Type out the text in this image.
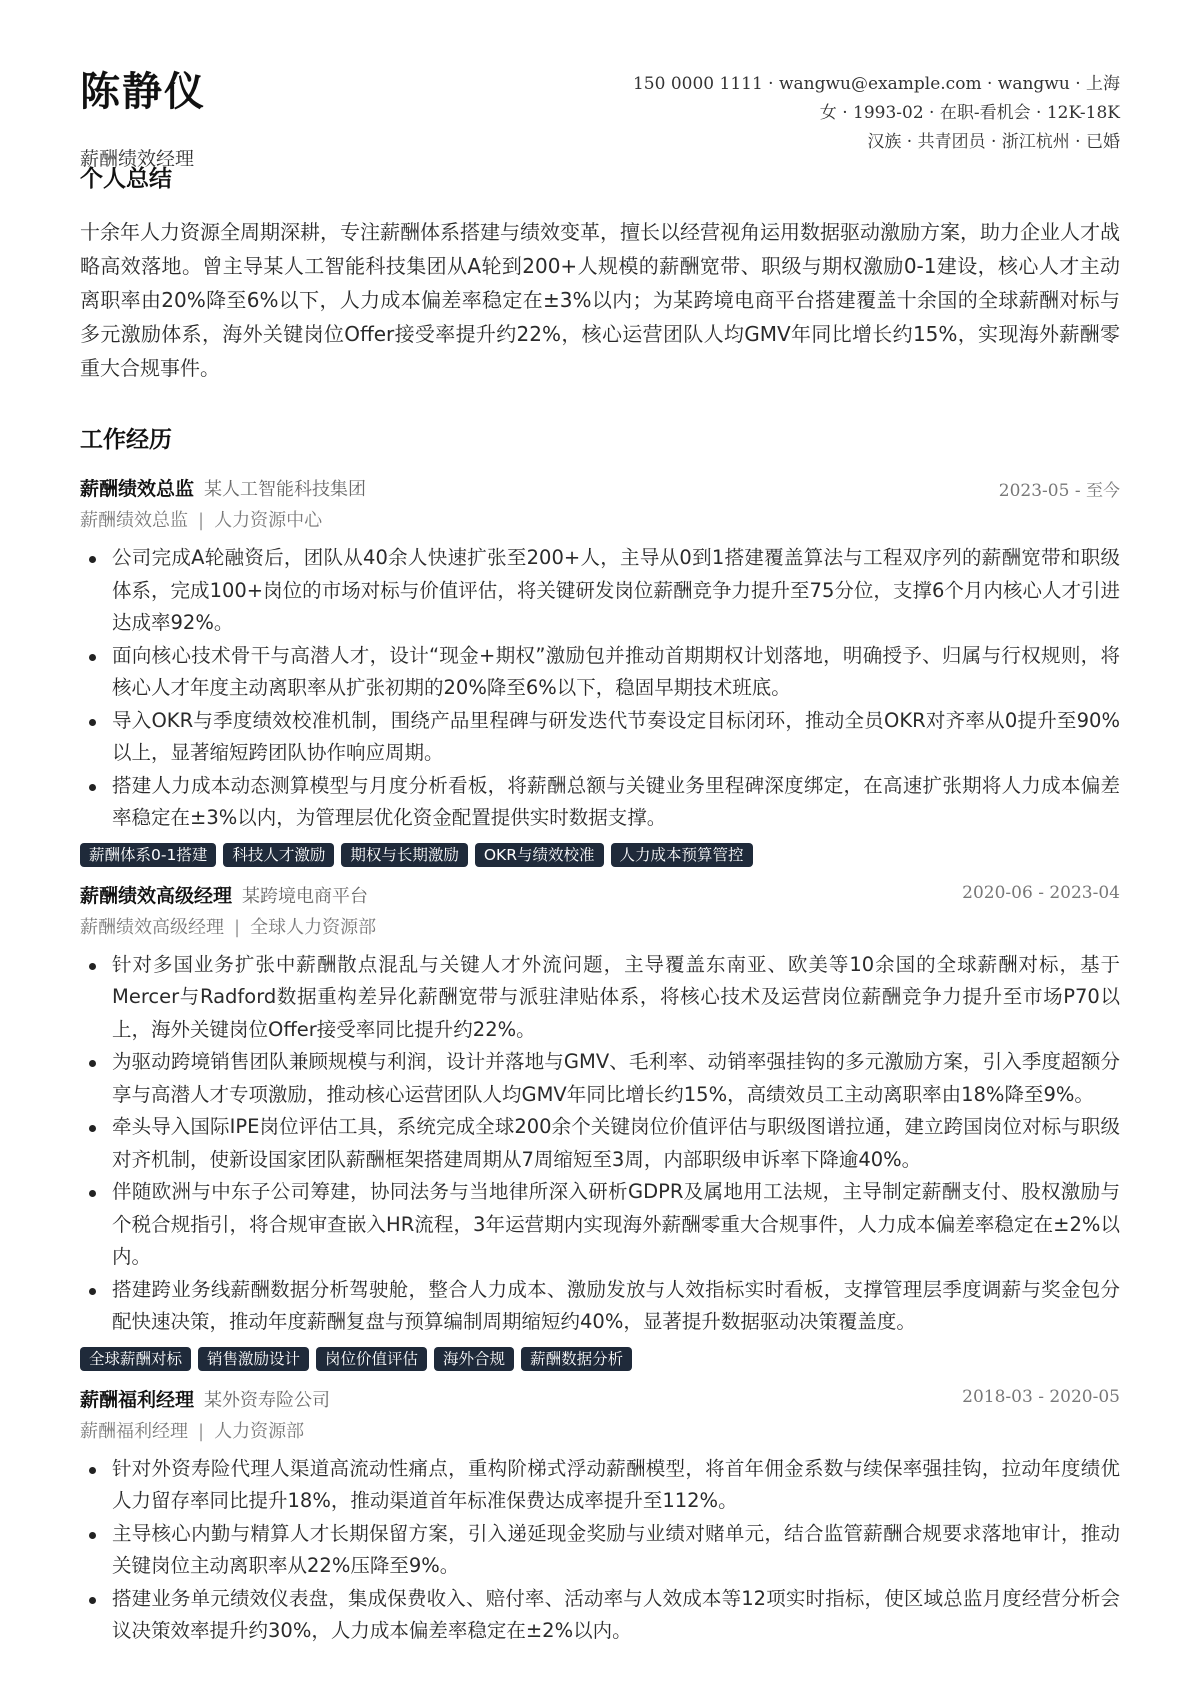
陈静仪
薪酬绩效经理
150 0000 1111 · wangwu@example.com · wangwu · 上海
女 · 1993-02 · 在职-看机会 · 12K-18K
汉族 · 共青团员 · 浙江杭州 · 已婚
个人总结
十余年人力资源全周期深耕，专注薪酬体系搭建与绩效变革，擅长以经营视角运用数据驱动激励方案，助力企业人才战略高效落地。曾主导某人工智能科技集团从A轮到200+人规模的薪酬宽带、职级与期权激励0-1建设，核心人才主动离职率由20%降至6%以下，人力成本偏差率稳定在±3%以内；为某跨境电商平台搭建覆盖十余国的全球薪酬对标与多元激励体系，海外关键岗位Offer接受率提升约22%，核心运营团队人均GMV年同比增长约15%，实现海外薪酬零重大合规事件。
工作经历
薪酬绩效总监 某人工智能科技集团	2023-05 - 至今
薪酬绩效总监 | 人力资源中心
公司完成A轮融资后，团队从40余人快速扩张至200+人，主导从0到1搭建覆盖算法与工程双序列的薪酬宽带和职级体系，完成100+岗位的市场对标与价值评估，将关键研发岗位薪酬竞争力提升至75分位，支撑6个月内核心人才引进达成率92%。
面向核心技术骨干与高潜人才，设计“现金+期权”激励包并推动首期期权计划落地，明确授予、归属与行权规则，将核心人才年度主动离职率从扩张初期的20%降至6%以下，稳固早期技术班底。
导入OKR与季度绩效校准机制，围绕产品里程碑与研发迭代节奏设定目标闭环，推动全员OKR对齐率从0提升至90%以上，显著缩短跨团队协作响应周期。
搭建人力成本动态测算模型与月度分析看板，将薪酬总额与关键业务里程碑深度绑定，在高速扩张期将人力成本偏差率稳定在±3%以内，为管理层优化资金配置提供实时数据支撑。
薪酬体系0-1搭建	科技人才激励	期权与长期激励	OKR与绩效校准	人力成本预算管控
薪酬绩效高级经理 某跨境电商平台	2020-06 - 2023-04
薪酬绩效高级经理 | 全球人力资源部
针对多国业务扩张中薪酬散点混乱与关键人才外流问题，主导覆盖东南亚、欧美等10余国的全球薪酬对标，基于Mercer与Radford数据重构差异化薪酬宽带与派驻津贴体系，将核心技术及运营岗位薪酬竞争力提升至市场P70以上，海外关键岗位Offer接受率同比提升约22%。
为驱动跨境销售团队兼顾规模与利润，设计并落地与GMV、毛利率、动销率强挂钩的多元激励方案，引入季度超额分享与高潜人才专项激励，推动核心运营团队人均GMV年同比增长约15%，高绩效员工主动离职率由18%降至9%。
牵头导入国际IPE岗位评估工具，系统完成全球200余个关键岗位价值评估与职级图谱拉通，建立跨国岗位对标与职级对齐机制，使新设国家团队薪酬框架搭建周期从7周缩短至3周，内部职级申诉率下降逾40%。
伴随欧洲与中东子公司筹建，协同法务与当地律所深入研析GDPR及属地用工法规，主导制定薪酬支付、股权激励与个税合规指引，将合规审查嵌入HR流程，3年运营期内实现海外薪酬零重大合规事件，人力成本偏差率稳定在±2%以内。
搭建跨业务线薪酬数据分析驾驶舱，整合人力成本、激励发放与人效指标实时看板，支撑管理层季度调薪与奖金包分配快速决策，推动年度薪酬复盘与预算编制周期缩短约40%，显著提升数据驱动决策覆盖度。
全球薪酬对标	销售激励设计	岗位价值评估	海外合规	薪酬数据分析
薪酬福利经理 某外资寿险公司	2018-03 - 2020-05
薪酬福利经理 | 人力资源部
针对外资寿险代理人渠道高流动性痛点，重构阶梯式浮动薪酬模型，将首年佣金系数与续保率强挂钩，拉动年度绩优人力留存率同比提升18%，推动渠道首年标准保费达成率提升至112%。
主导核心内勤与精算人才长期保留方案，引入递延现金奖励与业绩对赌单元，结合监管薪酬合规要求落地审计，推动关键岗位主动离职率从22%压降至9%。
搭建业务单元绩效仪表盘，集成保费收入、赔付率、活动率与人效成本等12项实时指标，使区域总监月度经营分析会议决策效率提升约30%，人力成本偏差率稳定在±2%以内。
